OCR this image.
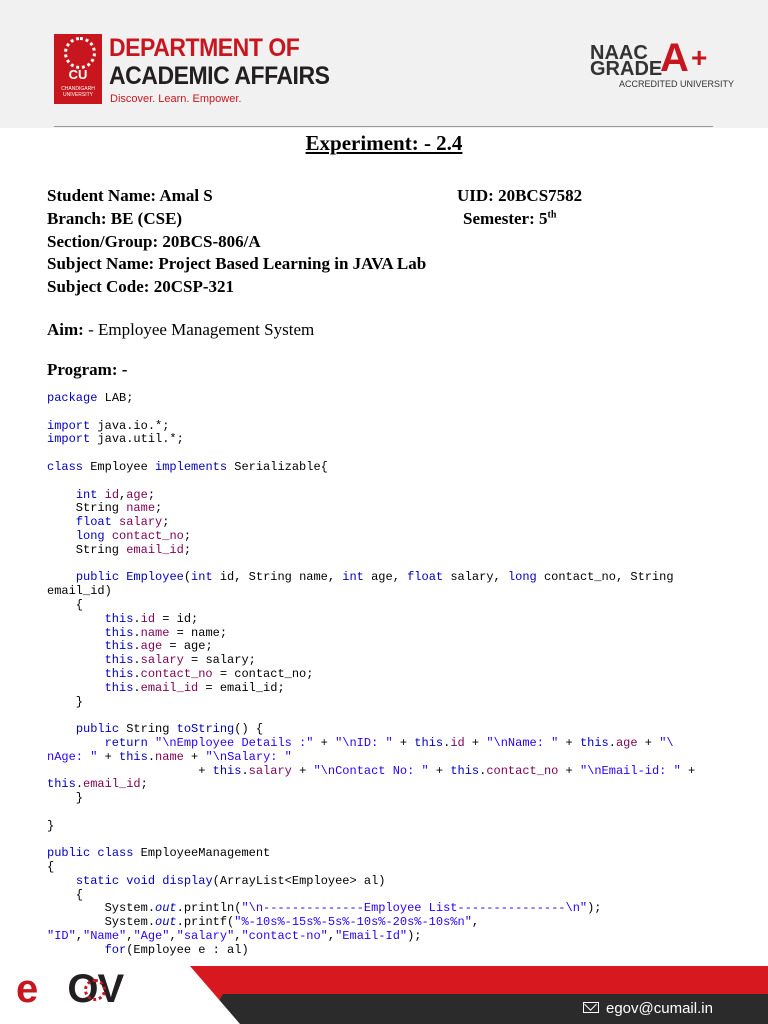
CU
CHANDIGARH UNIVERSITY
DEPARTMENT OF
ACADEMIC AFFAIRS
Discover. Learn. Empower.
NAAC
GRADE
A +
ACCREDITED UNIVERSITY
Experiment: - 2.4
Student Name: Amal S	UID: 20BCS7582
Branch: BE (CSE)	Semester: 5th
Section/Group: 20BCS-806/A
Subject Name: Project Based Learning in JAVA Lab
Subject Code: 20CSP-321
Aim: - Employee Management System
Program: -
package LAB;

import java.io.*;
import java.util.*;

class Employee implements Serializable{

int id,age;
String name;
float salary;
long contact_no;
String email_id;

public Employee(int id, String name, int age, float salary, long contact_no, String
email_id)
{
this.id = id;
this.name = name;
this.age = age;
this.salary = salary;
this.contact_no = contact_no;
this.email_id = email_id;
}

public String toString() {
return "\nEmployee Details :" + "\nID: " + this.id + "\nName: " + this.age + "\
nAge: " + this.name + "\nSalary: "
+ this.salary + "\nContact No: " + this.contact_no + "\nEmail-id: " +
this.email_id;
}

}

public class EmployeeManagement
{
static void display(ArrayList<Employee> al)
{
System.out.println("\n--------------Employee List---------------\n");
System.out.printf("%-10s%-15s%-5s%-10s%-20s%-10s%n",
"ID","Name","Age","salary","contact-no","Email-Id");
for(Employee e : al)
e OV	egov@cumail.in
